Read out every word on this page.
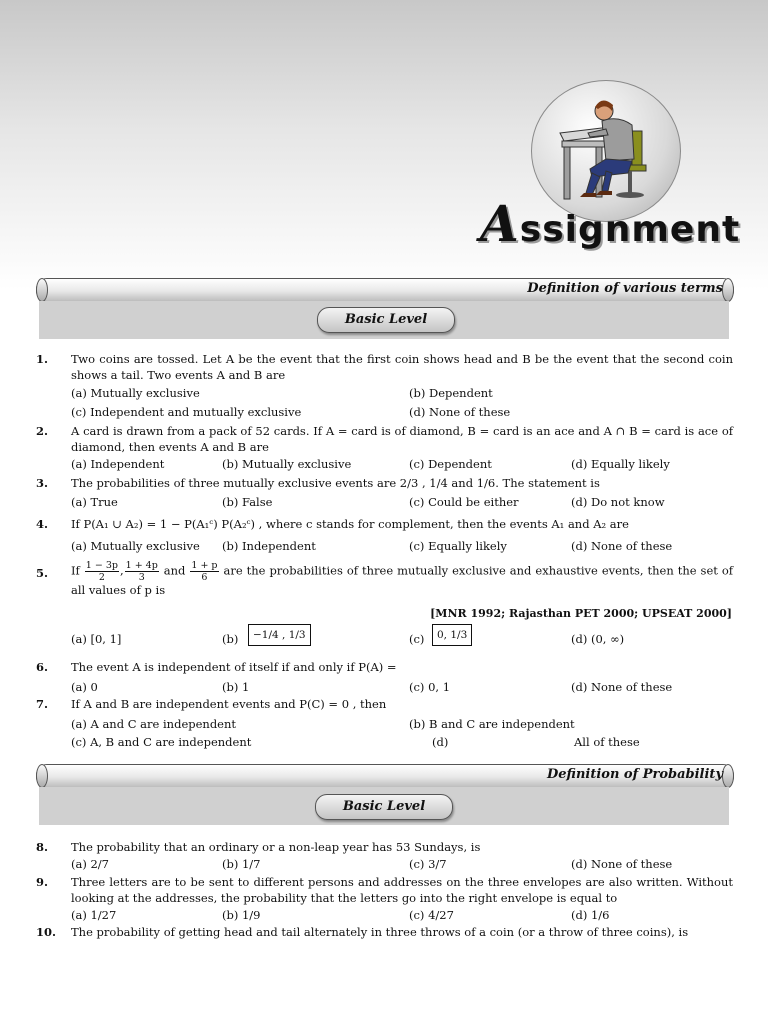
Assignment
Definition of various terms
Basic Level
1. Two coins are tossed. Let A be the event that the first coin shows head and B be the event that the second coin shows a tail. Two events A and B are
(a) Mutually exclusive	(b) Dependent
(c) Independent and mutually exclusive	(d) None of these
2. A card is drawn from a pack of 52 cards. If A = card is of diamond, B = card is an ace and A ∩ B = card is ace of diamond, then events A and B are
(a) Independent	(b) Mutually exclusive	(c) Dependent	(d) Equally likely
3. The probabilities of three mutually exclusive events are 2/3 , 1/4 and 1/6. The statement is
(a) True	(b) False	(c) Could be either	(d) Do not know
4. If P(A₁ ∪ A₂) = 1 − P(A₁ᶜ) P(A₂ᶜ) , where c stands for complement, then the events A₁ and A₂ are
(a) Mutually exclusive (b) Independent	(c) Equally likely	(d) None of these
5. If $\frac{1 - 3p}{2}$ , $\frac{1 + 4p}{3}$ and $\frac{1 + p}{6}$ are the probabilities of three mutually exclusive and exhaustive events, then the set of all values of p is
[MNR 1992; Rajasthan PET 2000; UPSEAT 2000]
(a) [0, 1]	(b)	−1/4 , 1/3	(c)	0, 1/3	(d) (0, ∞)
6. The event A is independent of itself if and only if P(A) =
(a) 0	(b) 1	(c) 0, 1	(d) None of these
7. If A and B are independent events and P(C) = 0 , then
(a) A and C are independent	(b) B and C are independent
(c) A, B and C are independent	(d)	All of these
Definition of Probability
Basic Level
8. The probability that an ordinary or a non-leap year has 53 Sundays, is
(a) 2/7	(b) 1/7	(c) 3/7	(d) None of these
9. Three letters are to be sent to different persons and addresses on the three envelopes are also written. Without looking at the addresses, the probability that the letters go into the right envelope is equal to
(a) 1/27	(b) 1/9	(c) 4/27	(d) 1/6
10. The probability of getting head and tail alternately in three throws of a coin (or a throw of three coins), is
